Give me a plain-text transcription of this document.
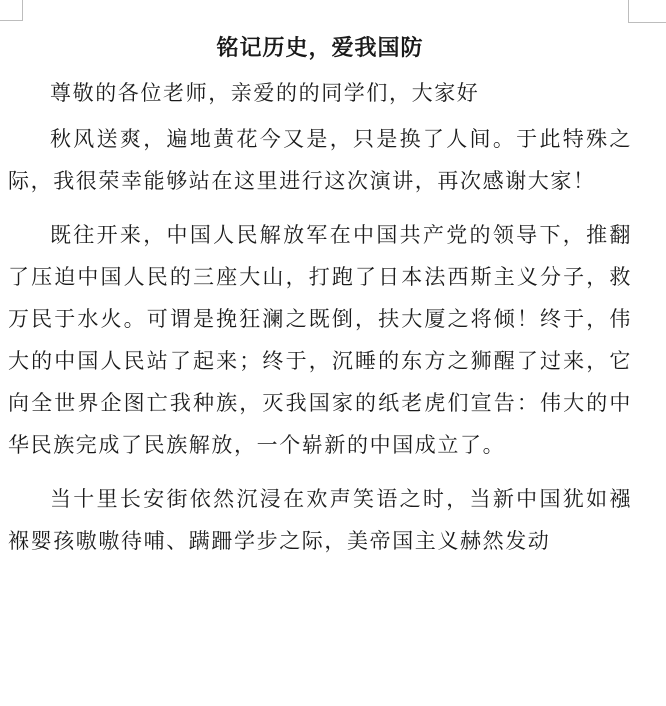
铭记历史，爱我国防

尊敬的各位老师，亲爱的的同学们，大家好

秋风送爽，遍地黄花今又是，只是换了人间。于此特殊之际，我很荣幸能够站在这里进行这次演讲，再次感谢大家！

既往开来，中国人民解放军在中国共产党的领导下，推翻了压迫中国人民的三座大山，打跑了日本法西斯主义分子，救万民于水火。可谓是挽狂澜之既倒，扶大厦之将倾！终于，伟大的中国人民站了起来；终于，沉睡的东方之狮醒了过来，它向全世界企图亡我种族，灭我国家的纸老虎们宣告：伟大的中华民族完成了民族解放，一个崭新的中国成立了。

当十里长安街依然沉浸在欢声笑语之时，当新中国犹如襁褓婴孩嗷嗷待哺、蹒跚学步之际，美帝国主义赫然发动
